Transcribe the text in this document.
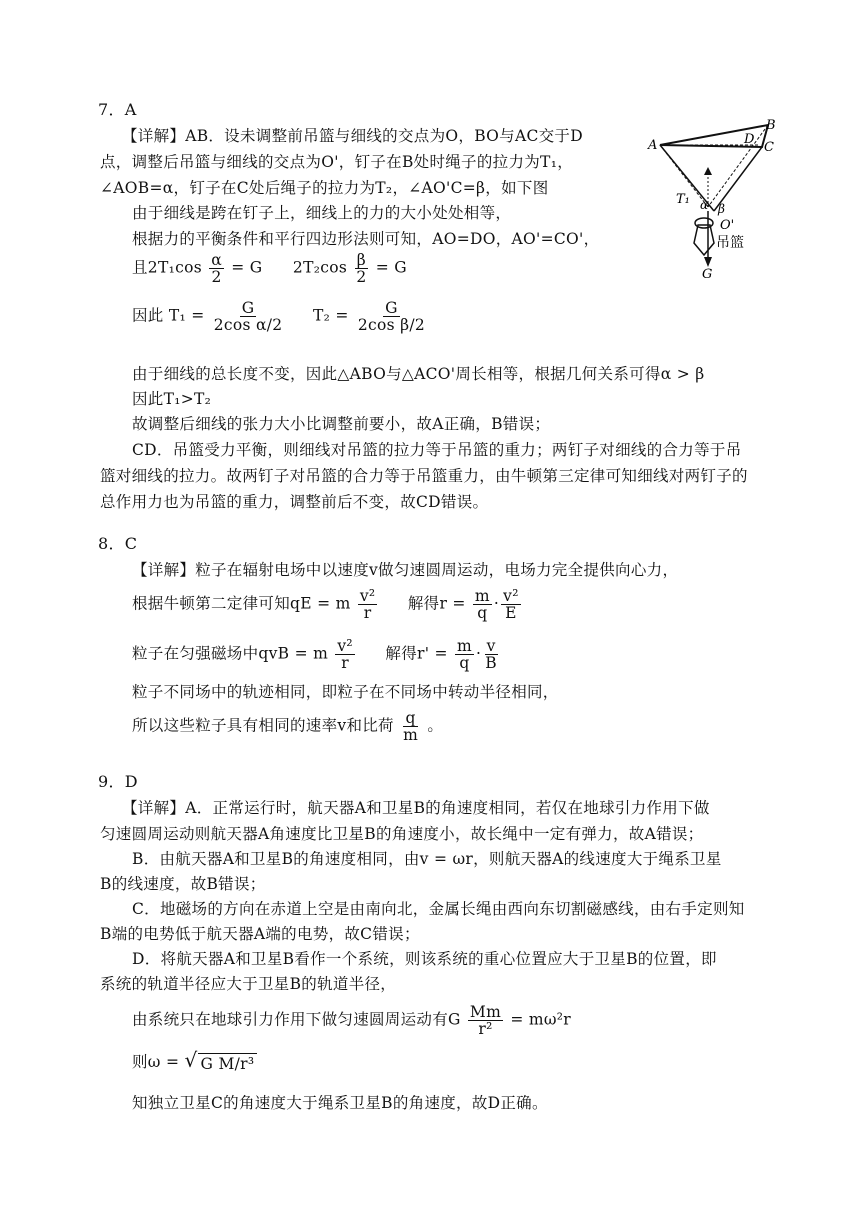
7．A
【详解】AB．设未调整前吊篮与细线的交点为O，BO与AC交于D
点，调整后吊篮与细线的交点为O'，钉子在B处时绳子的拉力为T₁，
∠AOB=α，钉子在C处后绳子的拉力为T₂，∠AO'C=β，如下图
由于细线是跨在钉子上，细线上的力的大小处处相等，
根据力的平衡条件和平行四边形法则可知，AO=DO，AO'=CO'，
且$2T_1\cos \frac{\alpha}{2} = G$ $2T_2\cos \frac{\beta}{2} = G$
因此 $T_1 = \frac{G}{\text{2cos α/2}} T_2 = \frac{G}{\text{2cos β/2}}$
由于细线的总长度不变，因此△ABO与△ACO'周长相等，根据几何关系可得α > β
因此T₁>T₂
故调整后细线的张力大小比调整前要小，故A正确，B错误；
CD．吊篮受力平衡，则细线对吊篮的拉力等于吊篮的重力；两钉子对细线的合力等于吊
篮对细线的拉力。故两钉子对吊篮的合力等于吊篮重力，由牛顿第三定律可知细线对两钉子的
总作用力也为吊篮的重力，调整前后不变，故CD错误。
A
B
C
D
T₁ α β
O'
吊篮
G
8．C
【详解】粒子在辐射电场中以速度v做匀速圆周运动，电场力完全提供向心力，
根据牛顿第二定律可知qE = m $\frac{\text{v²}}{r}$ 解得$r = \frac{m}{q} \cdot \frac{\text{v²}}{E}$
粒子在匀强磁场中qvB = m $\frac{\text{v²}}{r}$ 解得$r' = \frac{m}{q} \cdot \frac{v}{B}$
粒子不同场中的轨迹相同，即粒子在不同场中转动半径相同，
所以这些粒子具有相同的速率v和比荷 $\frac{q}{m}$ 。
9．D
【详解】A．正常运行时，航天器A和卫星B的角速度相同，若仅在地球引力作用下做
匀速圆周运动则航天器A角速度比卫星B的角速度小，故长绳中一定有弹力，故A错误；
B．由航天器A和卫星B的角速度相同，由v = ωr，则航天器A的线速度大于绳系卫星
B的线速度，故B错误；
C．地磁场的方向在赤道上空是由南向北，金属长绳由西向东切割磁感线，由右手定则知
B端的电势低于航天器A端的电势，故C错误；
D．将航天器A和卫星B看作一个系统，则该系统的重心位置应大于卫星B的位置，即
系统的轨道半径应大于卫星B的轨道半径，
由系统只在地球引力作用下做匀速圆周运动有G $\frac{Mm}{\text{r²}} = m\omega^2r$
则ω = √ G M/r³
知独立卫星C的角速度大于绳系卫星B的角速度，故D正确。
